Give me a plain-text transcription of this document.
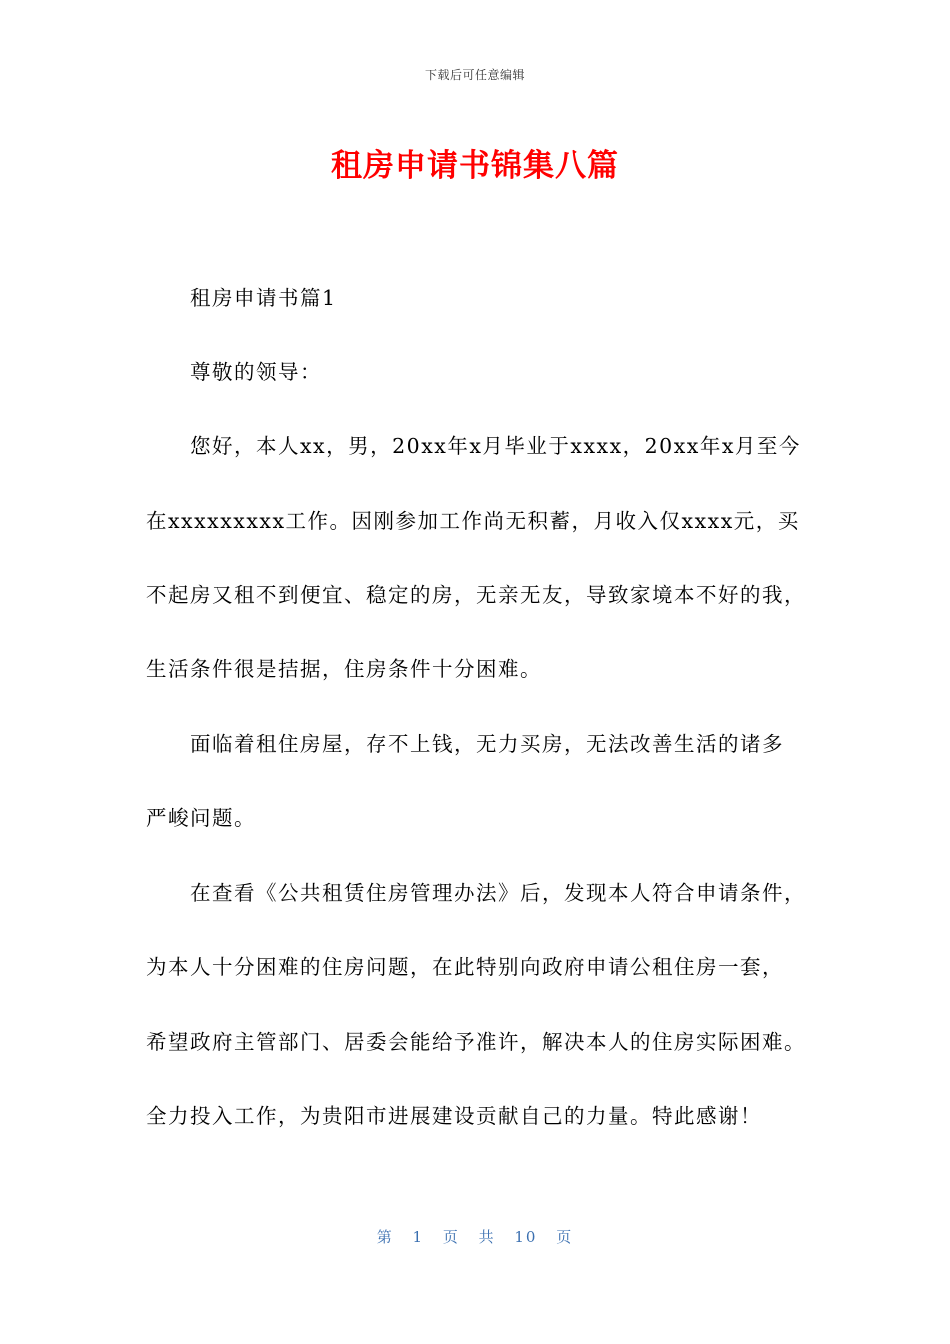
下载后可任意编辑
租房申请书锦集八篇
租房申请书篇1
尊敬的领导：
您好，本人xx，男，20xx年x月毕业于xxxx，20xx年x月至今
在xxxxxxxxx工作。因刚参加工作尚无积蓄，月收入仅xxxx元，买
不起房又租不到便宜、稳定的房，无亲无友，导致家境本不好的我，
生活条件很是拮据，住房条件十分困难。
面临着租住房屋，存不上钱，无力买房，无法改善生活的诸多
严峻问题。
在查看《公共租赁住房管理办法》后，发现本人符合申请条件，
为本人十分困难的住房问题，在此特别向政府申请公租住房一套，
希望政府主管部门、居委会能给予准许，解决本人的住房实际困难。
全力投入工作，为贵阳市进展建设贡献自己的力量。特此感谢！
第 1 页 共 10 页
